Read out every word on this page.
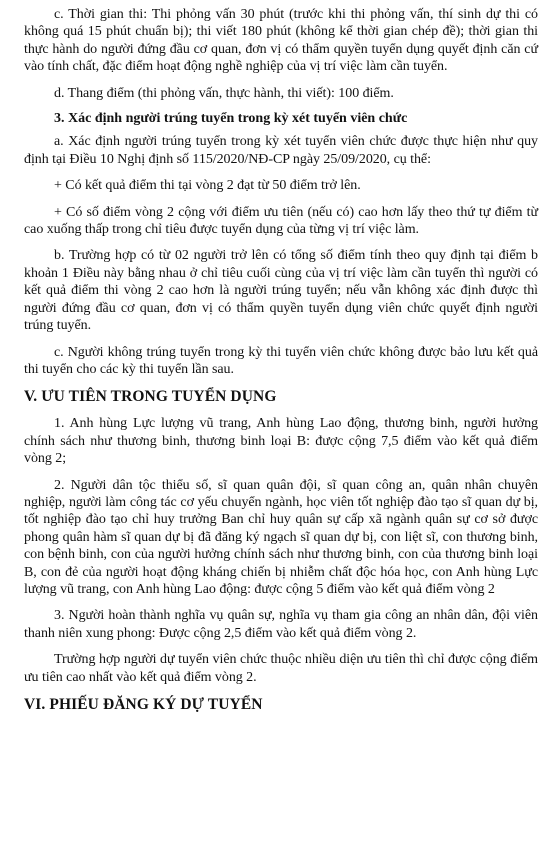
c. Thời gian thi: Thi phỏng vấn 30 phút (trước khi thi phỏng vấn, thí sinh dự thi có không quá 15 phút chuẩn bị); thi viết 180 phút (không kể thời gian chép đề); thời gian thi thực hành do người đứng đầu cơ quan, đơn vị có thẩm quyền tuyển dụng quyết định căn cứ vào tính chất, đặc điểm hoạt động nghề nghiệp của vị trí việc làm cần tuyển.

d. Thang điểm (thi phỏng vấn, thực hành, thi viết): 100 điểm.

3. Xác định người trúng tuyển trong kỳ xét tuyển viên chức

a. Xác định người trúng tuyển trong kỳ xét tuyển viên chức được thực hiện như quy định tại Điều 10 Nghị định số 115/2020/NĐ-CP ngày 25/09/2020, cụ thể:

+ Có kết quả điểm thi tại vòng 2 đạt từ 50 điểm trở lên.

+ Có số điểm vòng 2 cộng với điểm ưu tiên (nếu có) cao hơn lấy theo thứ tự điểm từ cao xuống thấp trong chỉ tiêu được tuyển dụng của từng vị trí việc làm.

b. Trường hợp có từ 02 người trở lên có tổng số điểm tính theo quy định tại điểm b khoản 1 Điều này bằng nhau ở chỉ tiêu cuối cùng của vị trí việc làm cần tuyển thì người có kết quả điểm thi vòng 2 cao hơn là người trúng tuyển; nếu vẫn không xác định được thì người đứng đầu cơ quan, đơn vị có thẩm quyền tuyển dụng viên chức quyết định người trúng tuyển.

c. Người không trúng tuyển trong kỳ thi tuyển viên chức không được bảo lưu kết quả thi tuyển cho các kỳ thi tuyển lần sau.

V. ƯU TIÊN TRONG TUYỂN DỤNG

1. Anh hùng Lực lượng vũ trang, Anh hùng Lao động, thương binh, người hưởng chính sách như thương binh, thương binh loại B: được cộng 7,5 điểm vào kết quả điểm vòng 2;

2. Người dân tộc thiểu số, sĩ quan quân đội, sĩ quan công an, quân nhân chuyên nghiệp, người làm công tác cơ yếu chuyển ngành, học viên tốt nghiệp đào tạo sĩ quan dự bị, tốt nghiệp đào tạo chỉ huy trưởng Ban chỉ huy quân sự cấp xã ngành quân sự cơ sở được phong quân hàm sĩ quan dự bị đã đăng ký ngạch sĩ quan dự bị, con liệt sĩ, con thương binh, con bệnh binh, con của người hưởng chính sách như thương binh, con của thương binh loại B, con đẻ của người hoạt động kháng chiến bị nhiễm chất độc hóa học, con Anh hùng Lực lượng vũ trang, con Anh hùng Lao động: được cộng 5 điểm vào kết quả điểm vòng 2

3. Người hoàn thành nghĩa vụ quân sự, nghĩa vụ tham gia công an nhân dân, đội viên thanh niên xung phong: Được cộng 2,5 điểm vào kết quả điểm vòng 2.

Trường hợp người dự tuyển viên chức thuộc nhiều diện ưu tiên thì chỉ được cộng điểm ưu tiên cao nhất vào kết quả điểm vòng 2.

VI. PHIẾU ĐĂNG KÝ DỰ TUYỂN
